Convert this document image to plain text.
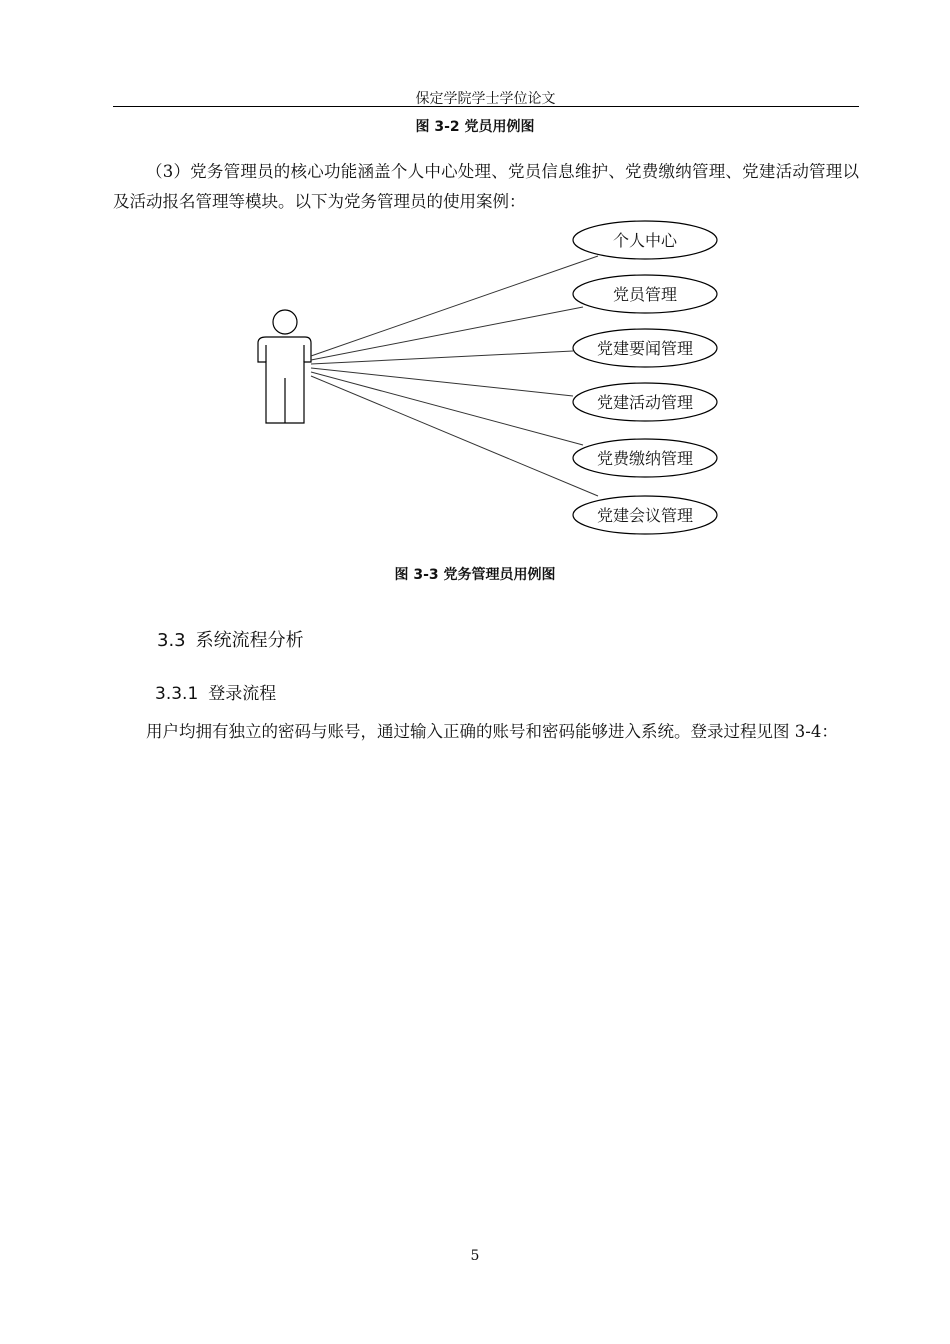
保定学院学士学位论文
图 3-2 党员用例图

（3）党务管理员的核心功能涵盖个人中心处理、党员信息维护、党费缴纳管理、党建活动管理以及活动报名管理等模块。以下为党务管理员的使用案例：

个人中心
党员管理
党建要闻管理
党建活动管理
党费缴纳管理
党建会议管理
图 3-3 党务管理员用例图
3.3 系统流程分析
3.3.1 登录流程

用户均拥有独立的密码与账号，通过输入正确的账号和密码能够进入系统。登录过程见图 3-4：

5
